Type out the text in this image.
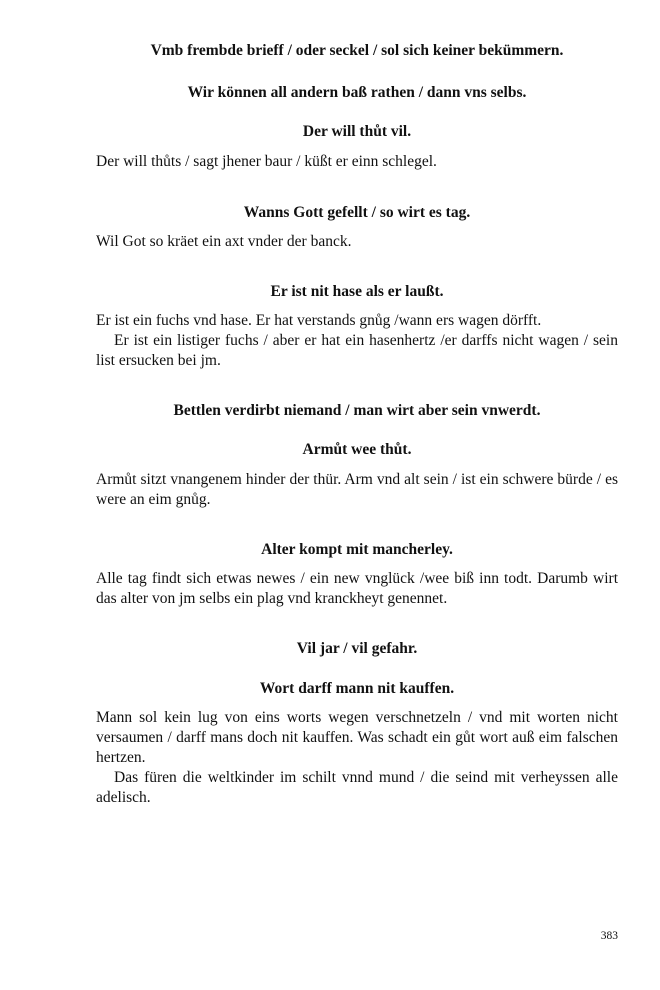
Vmb frembde brieff / oder seckel / sol sich keiner bekümmern.
Wir können all andern baß rathen / dann vns selbs.
Der will thůt vil.

Der will thůts / sagt jhener baur / küßt er einn schlegel.

Wanns Gott gefellt / so wirt es tag.

Wil Got so kräet ein axt vnder der banck.

Er ist nit hase als er laußt.

Er ist ein fuchs vnd hase. Er hat verstands gnůg /wann ers wagen dörfft.

Er ist ein listiger fuchs / aber er hat ein hasenhertz /er darffs nicht wagen / sein list ersucken bei jm.

Bettlen verdirbt niemand / man wirt aber sein vnwerdt.
Armůt wee thůt.

Armůt sitzt vnangenem hinder der thür. Arm vnd alt sein / ist ein schwere bürde / es were an eim gnůg.

Alter kompt mit mancherley.

Alle tag findt sich etwas newes / ein new vnglück /wee biß inn todt. Darumb wirt das alter von jm selbs ein plag vnd kranckheyt genennet.

Vil jar / vil gefahr.
Wort darff mann nit kauffen.

Mann sol kein lug von eins worts wegen verschnetzeln / vnd mit worten nicht versaumen / darff mans doch nit kauffen. Was schadt ein gůt wort auß eim falschen hertzen.

Das füren die weltkinder im schilt vnnd mund / die seind mit verheyssen alle adelisch.

383
